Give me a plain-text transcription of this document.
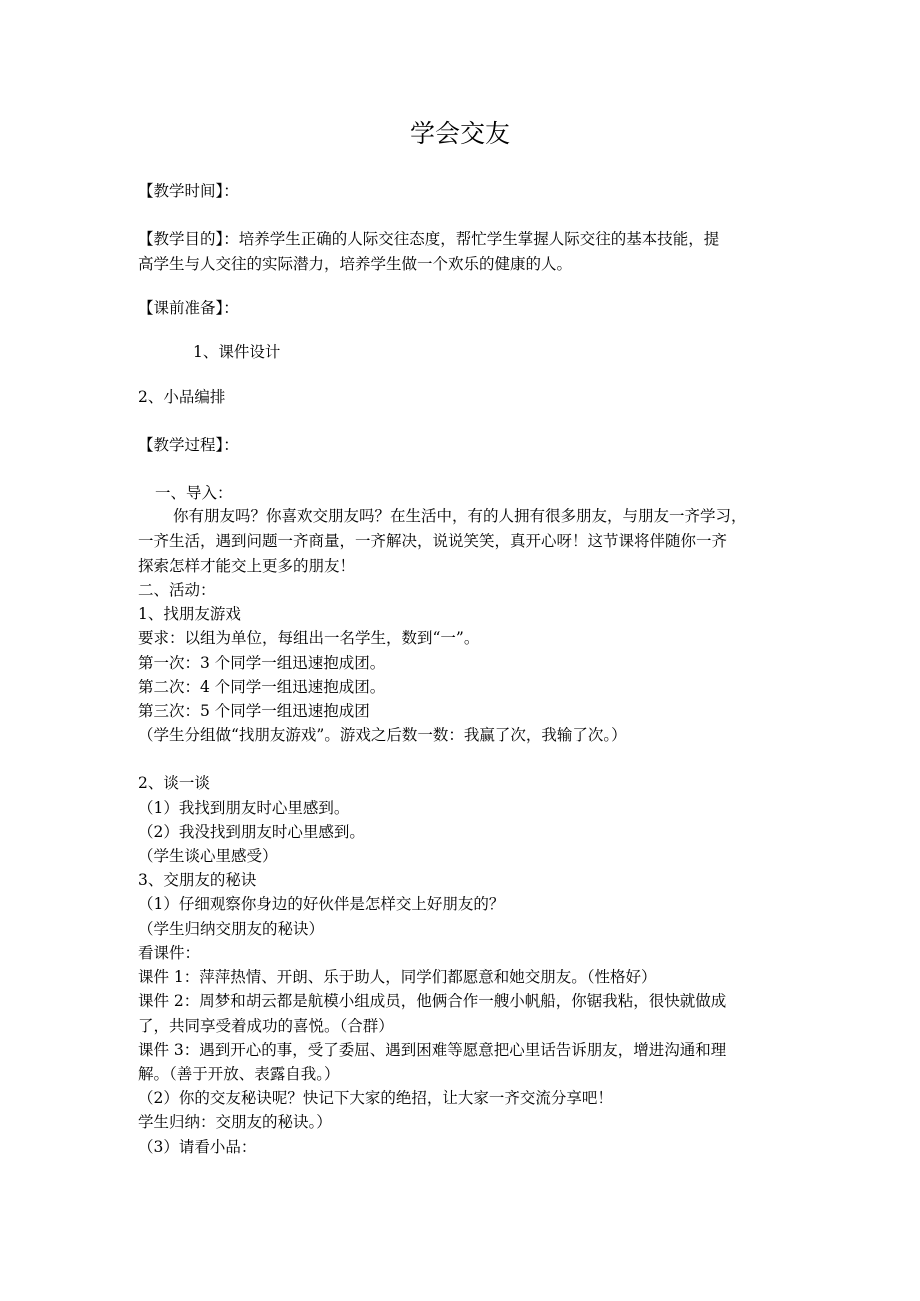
学会交友

【教学时间】：

【教学目的】：培养学生正确的人际交往态度，帮忙学生掌握人际交往的基本技能，提

高学生与人交往的实际潜力，培养学生做一个欢乐的健康的人。

【课前准备】：

1、课件设计

2、小品编排

【教学过程】：

一、导入：

你有朋友吗？你喜欢交朋友吗？在生活中，有的人拥有很多朋友，与朋友一齐学习，

一齐生活，遇到问题一齐商量，一齐解决，说说笑笑，真开心呀！这节课将伴随你一齐

探索怎样才能交上更多的朋友！

二、活动：

1、找朋友游戏

要求：以组为单位，每组出一名学生，数到“一”。

第一次：3 个同学一组迅速抱成团。

第二次：4 个同学一组迅速抱成团。

第三次：5 个同学一组迅速抱成团

（学生分组做“找朋友游戏”。游戏之后数一数：我赢了次，我输了次。）

2、谈一谈

（1）我找到朋友时心里感到。

（2）我没找到朋友时心里感到。

（学生谈心里感受）

3、交朋友的秘诀

（1）仔细观察你身边的好伙伴是怎样交上好朋友的？

（学生归纳交朋友的秘诀）

看课件：

课件 1：萍萍热情、开朗、乐于助人，同学们都愿意和她交朋友。（性格好）

课件 2：周梦和胡云都是航模小组成员，他俩合作一艘小帆船，你锯我粘，很快就做成

了，共同享受着成功的喜悦。（合群）

课件 3：遇到开心的事，受了委屈、遇到困难等愿意把心里话告诉朋友，增进沟通和理

解。（善于开放、表露自我。）

（2）你的交友秘诀呢？快记下大家的绝招，让大家一齐交流分享吧！

学生归纳：交朋友的秘诀。）

（3）请看小品：
